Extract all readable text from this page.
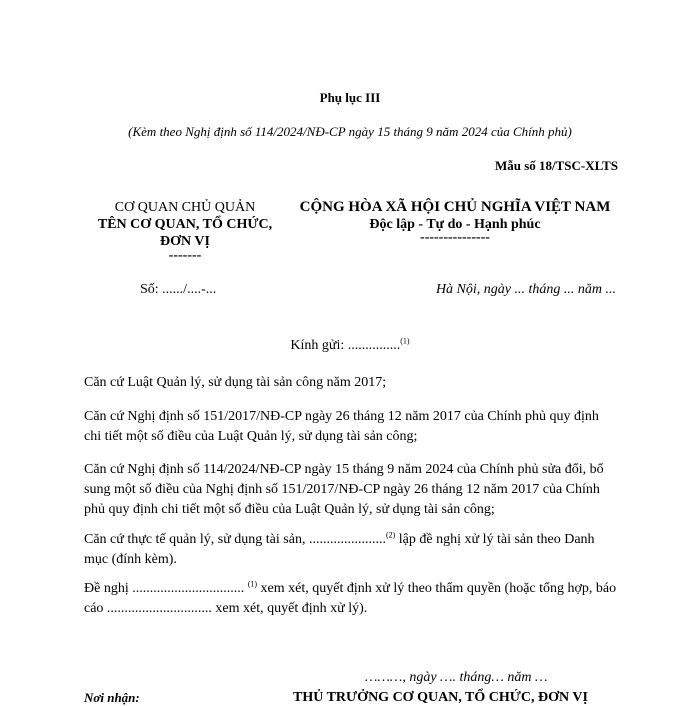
Phụ lục III
(Kèm theo Nghị định số 114/2024/NĐ-CP ngày 15 tháng 9 năm 2024 của Chính phủ)
Mẫu số 18/TSC-XLTS
CƠ QUAN CHỦ QUẢN
TÊN CƠ QUAN, TỔ CHỨC,
ĐƠN VỊ
-------
Số: ....../....-...
CỘNG HÒA XÃ HỘI CHỦ NGHĨA VIỆT NAM
Độc lập - Tự do - Hạnh phúc
---------------
Hà Nội, ngày ... tháng ... năm ...
Kính gửi: ...............$^{(1)}$
Căn cứ Luật Quản lý, sử dụng tài sản công năm 2017;
Căn cứ Nghị định số 151/2017/NĐ-CP ngày 26 tháng 12 năm 2017 của Chính phủ quy định chi tiết một số điều của Luật Quản lý, sử dụng tài sản công;
Căn cứ Nghị định số 114/2024/NĐ-CP ngày 15 tháng 9 năm 2024 của Chính phủ sửa đổi, bổ sung một số điều của Nghị định số 151/2017/NĐ-CP ngày 26 tháng 12 năm 2017 của Chính phủ quy định chi tiết một số điều của Luật Quản lý, sử dụng tài sản công;
Căn cứ thực tế quản lý, sử dụng tài sản, ......................$^{(2)}$ lập đề nghị xử lý tài sản theo Danh mục (đính kèm).
Đề nghị ................................ $^{(1)}$ xem xét, quyết định xử lý theo thẩm quyền (hoặc tổng hợp, báo cáo .............................. xem xét, quyết định xử lý).
………, ngày …. tháng… năm …
Nơi nhận:	THỦ TRƯỞNG CƠ QUAN, TỔ CHỨC, ĐƠN VỊ
